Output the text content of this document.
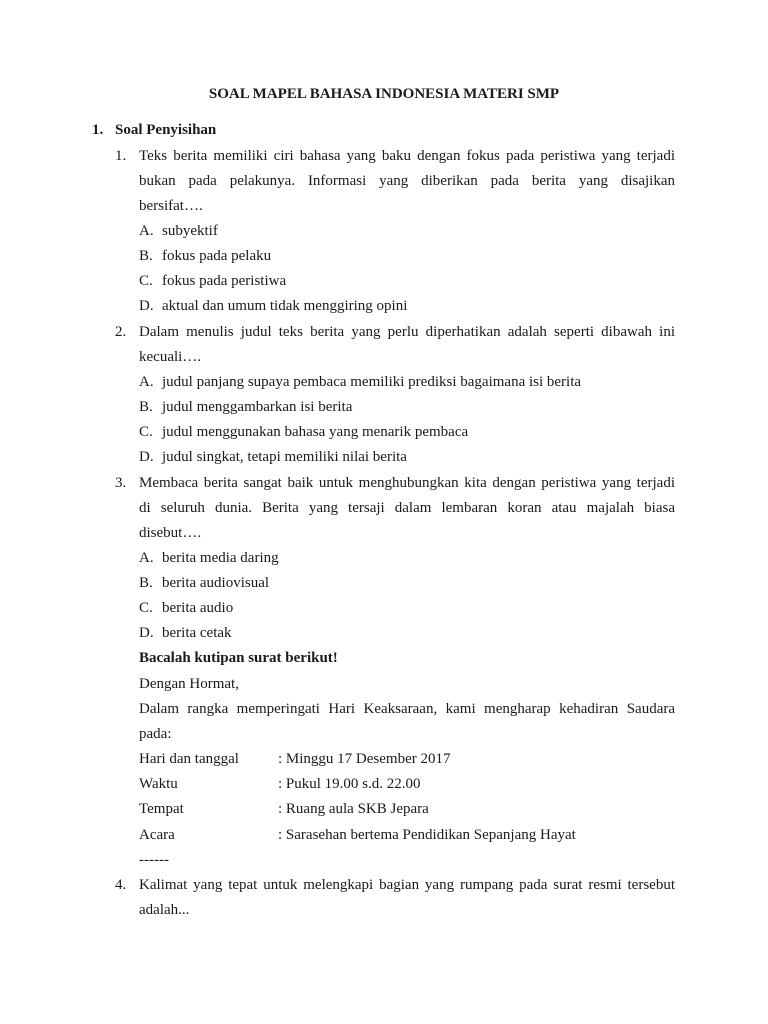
SOAL MAPEL BAHASA INDONESIA MATERI SMP
1. Soal Penyisihan
1. Teks berita memiliki ciri bahasa yang baku dengan fokus pada peristiwa yang terjadi
bukan pada pelakunya. Informasi yang diberikan pada berita yang disajikan
bersifat….
A. subyektif
B. fokus pada pelaku
C. fokus pada peristiwa
D. aktual dan umum tidak menggiring opini
2. Dalam menulis judul teks berita yang perlu diperhatikan adalah seperti dibawah ini
kecuali….
A. judul panjang supaya pembaca memiliki prediksi bagaimana isi berita
B. judul menggambarkan isi berita
C. judul menggunakan bahasa yang menarik pembaca
D. judul singkat, tetapi memiliki nilai berita
3. Membaca berita sangat baik untuk menghubungkan kita dengan peristiwa yang terjadi
di seluruh dunia. Berita yang tersaji dalam lembaran koran atau majalah biasa
disebut….
A. berita media daring
B. berita audiovisual
C. berita audio
D. berita cetak
Bacalah kutipan surat berikut!
Dengan Hormat,
Dalam rangka memperingati Hari Keaksaraan, kami mengharap kehadiran Saudara
pada:
Hari dan tanggal	: Minggu 17 Desember 2017
Waktu	: Pukul 19.00 s.d. 22.00
Tempat	: Ruang aula SKB Jepara
Acara	: Sarasehan bertema Pendidikan Sepanjang Hayat
------
4. Kalimat yang tepat untuk melengkapi bagian yang rumpang pada surat resmi tersebut
adalah...
